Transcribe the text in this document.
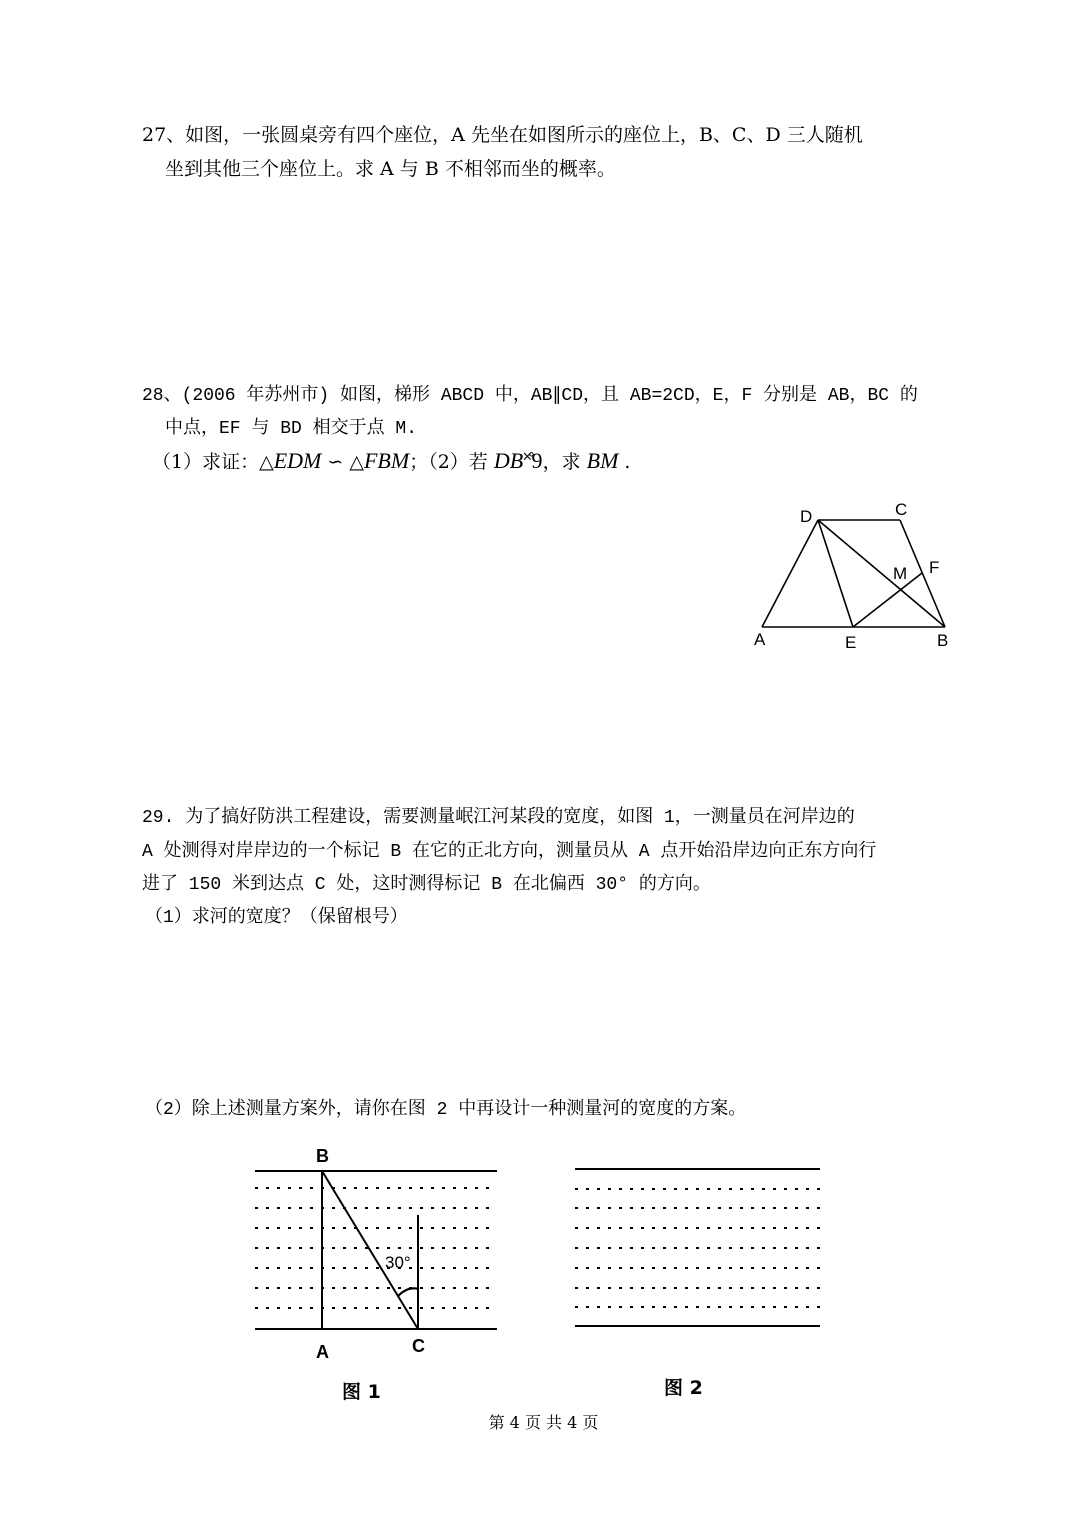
27、如图，一张圆桌旁有四个座位，A 先坐在如图所示的座位上，B、C、D 三人随机
坐到其他三个座位上。求 A 与 B 不相邻而坐的概率。
28、(2006 年苏州市) 如图，梯形 ABCD 中，AB∥CD，且 AB=2CD，E，F 分别是 AB，BC 的
中点，EF 与 BD 相交于点 M.
（1）求证：△EDM ∽ △FBM；（2）若 DB˟̊9，求 BM .
D	C
M F
A	E	B
29. 为了搞好防洪工程建设，需要测量岷江河某段的宽度，如图 1，一测量员在河岸边的
A 处测得对岸岸边的一个标记 B 在它的正北方向，测量员从 A 点开始沿岸边向正东方向行
进了 150 米到达点 C 处，这时测得标记 B 在北偏西 30° 的方向。
（1）求河的宽度？（保留根号）
（2）除上述测量方案外，请你在图 2 中再设计一种测量河的宽度的方案。
B
A	C
30°
图 1	图 2
第 4 页 共 4 页
